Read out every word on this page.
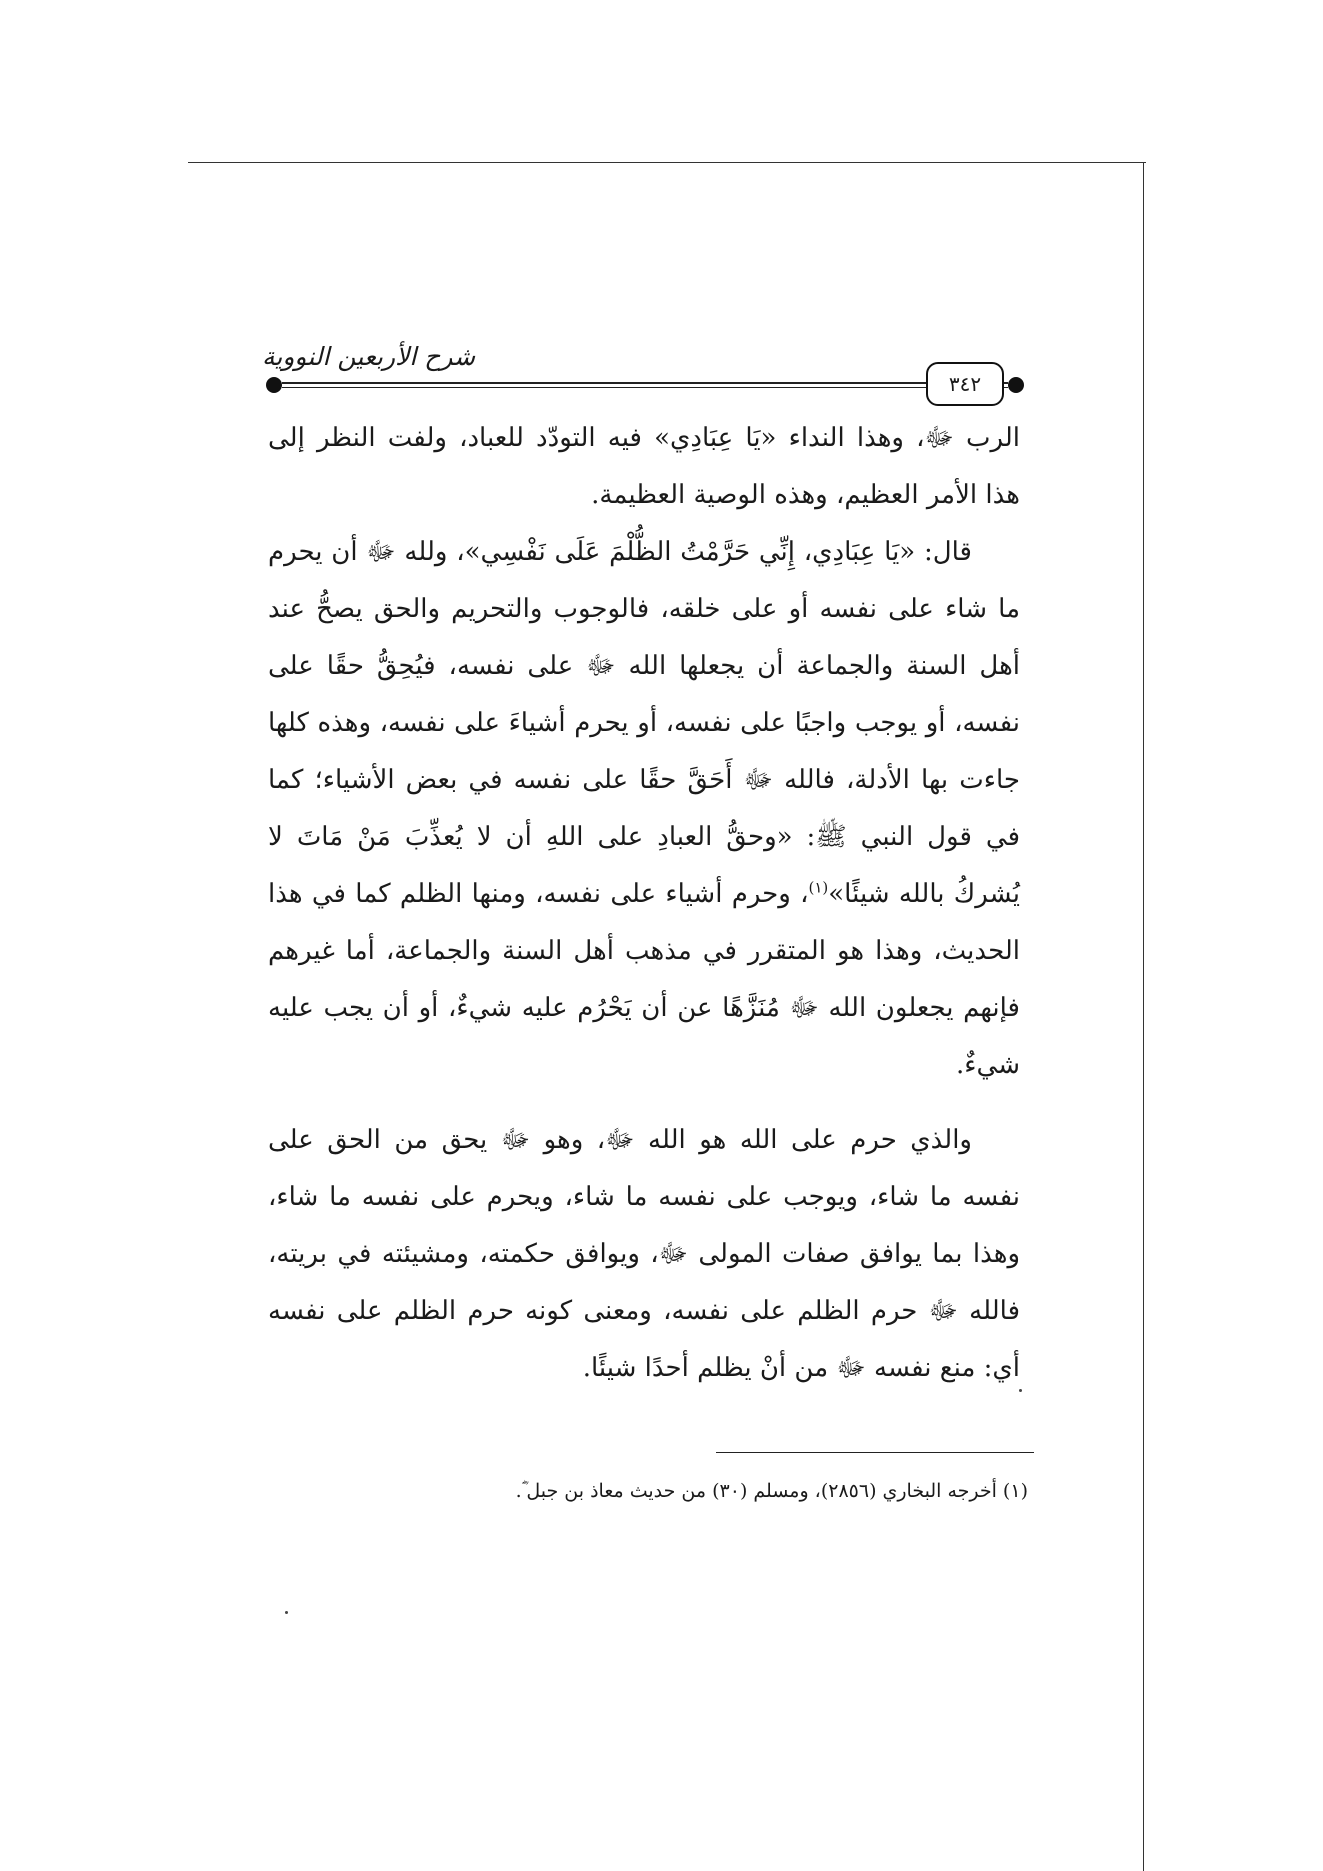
شرح الأربعين النووية
٣٤٢

الرب ﷻ، وهذا النداء «يَا عِبَادِي» فيه التودّد للعباد، ولفت النظر إلى هذا الأمر العظيم، وهذه الوصية العظيمة.

قال: «يَا عِبَادِي، إِنِّي حَرَّمْتُ الظُّلْمَ عَلَى نَفْسِي»، ولله ﷻ أن يحرم ما شاء على نفسه أو على خلقه، فالوجوب والتحريم والحق يصحُّ عند أهل السنة والجماعة أن يجعلها الله ﷻ على نفسه، فيُحِقُّ حقًا على نفسه، أو يوجب واجبًا على نفسه، أو يحرم أشياءَ على نفسه، وهذه كلها جاءت بها الأدلة، فالله ﷻ أَحَقَّ حقًا على نفسه في بعض الأشياء؛ كما في قول النبي ﷺ: «وحقُّ العبادِ على اللهِ أن لا يُعذِّبَ مَنْ مَاتَ لا يُشركُ بالله شيئًا»$^{(١)}$، وحرم أشياء على نفسه، ومنها الظلم كما في هذا الحديث، وهذا هو المتقرر في مذهب أهل السنة والجماعة، أما غيرهم فإنهم يجعلون الله ﷻ مُنَزَّهًا عن أن يَحْرُم عليه شيءٌ، أو أن يجب عليه شيءٌ.

والذي حرم على الله هو الله ﷻ، وهو ﷻ يحق من الحق على نفسه ما شاء، ويوجب على نفسه ما شاء، ويحرم على نفسه ما شاء، وهذا بما يوافق صفات المولى ﷻ، ويوافق حكمته، ومشيئته في بريته، فالله ﷻ حرم الظلم على نفسه، ومعنى كونه حرم الظلم على نفسه أي: منع نفسه ﷻ من أنْ يظلم أحدًا شيئًا.

(١) أخرجه البخاري (٢٨٥٦)، ومسلم (٣٠) من حديث معاذ بن جبل ؓ.
